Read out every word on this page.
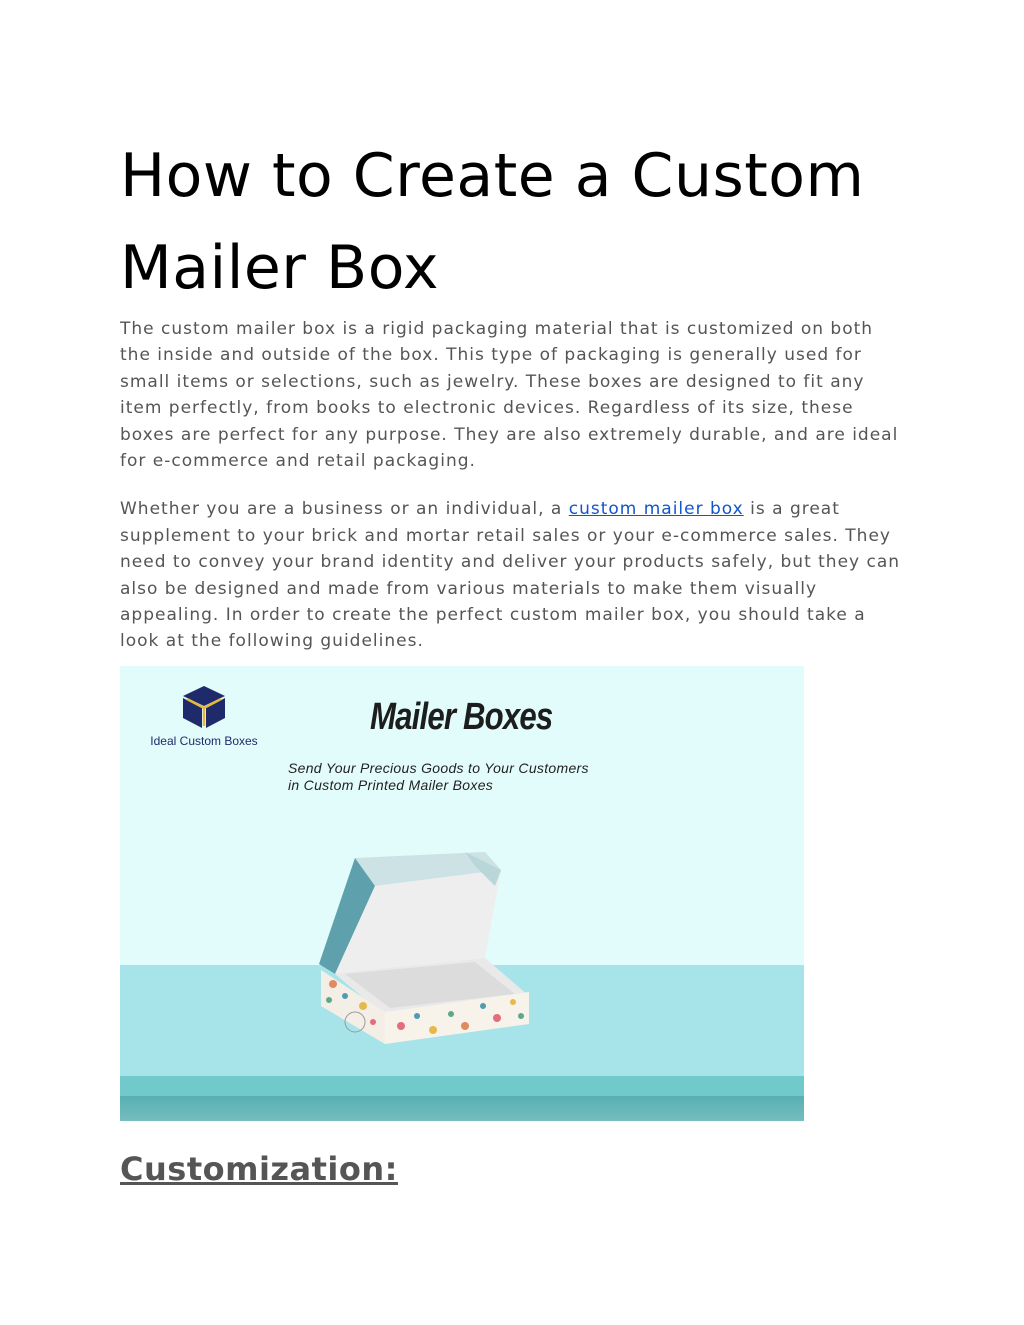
How to Create a Custom Mailer Box

The custom mailer box is a rigid packaging material that is customized on both the inside and outside of the box. This type of packaging is generally used for small items or selections, such as jewelry. These boxes are designed to fit any item perfectly, from books to electronic devices. Regardless of its size, these boxes are perfect for any purpose. They are also extremely durable, and are ideal for e-commerce and retail packaging.

Whether you are a business or an individual, a custom mailer box is a great supplement to your brick and mortar retail sales or your e-commerce sales. They need to convey your brand identity and deliver your products safely, but they can also be designed and made from various materials to make them visually appealing. In order to create the perfect custom mailer box, you should take a look at the following guidelines.

Ideal Custom Boxes
Mailer Boxes
Send Your Precious Goods to Your Customers
in Custom Printed Mailer Boxes
Customization:
